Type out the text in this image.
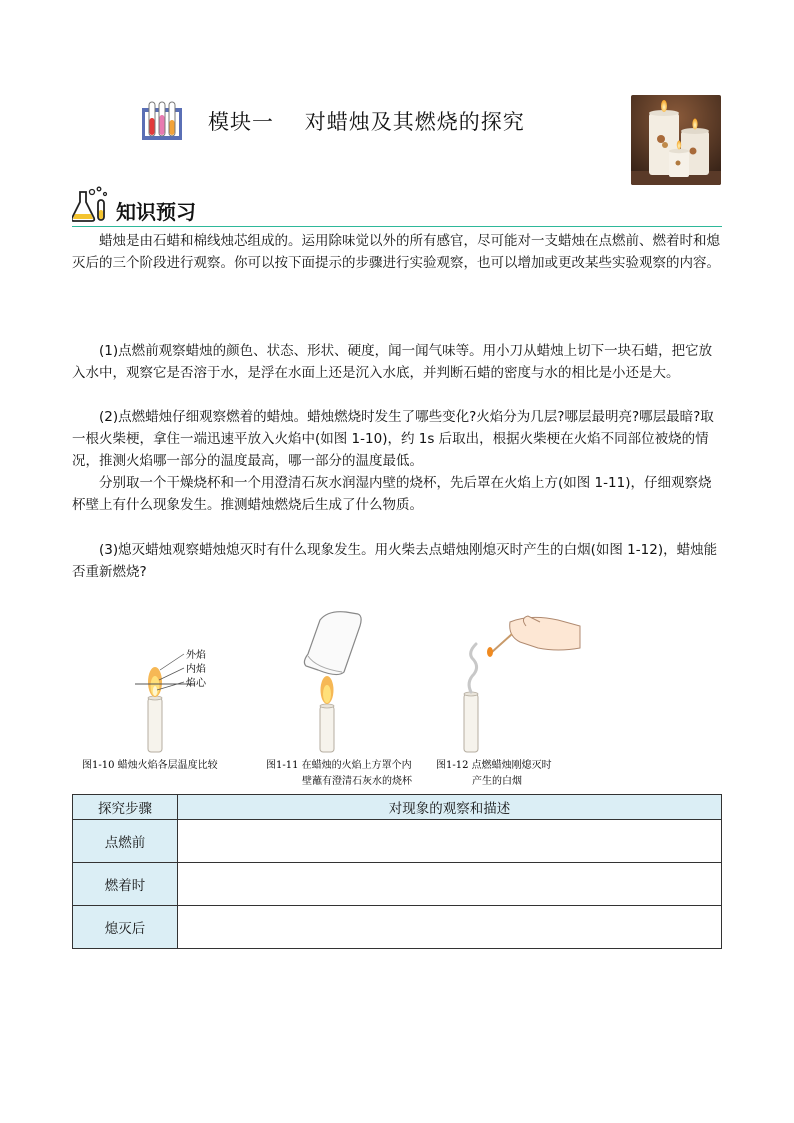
模块一    对蜡烛及其燃烧的探究
知识预习
蜡烛是由石蜡和棉线烛芯组成的。运用除味觉以外的所有感官，尽可能对一支蜡烛在点燃前、燃着时和熄灭后的三个阶段进行观察。你可以按下面提示的步骤进行实验观察，也可以增加或更改某些实验观察的内容。
(1)点燃前观察蜡烛的颜色、状态、形状、硬度，闻一闻气味等。用小刀从蜡烛上切下一块石蜡，把它放入水中，观察它是否溶于水，是浮在水面上还是沉入水底，并判断石蜡的密度与水的相比是小还是大。
(2)点燃蜡烛仔细观察燃着的蜡烛。蜡烛燃烧时发生了哪些变化?火焰分为几层?哪层最明亮?哪层最暗?取一根火柴梗，拿住一端迅速平放入火焰中(如图 1-10)，约 1s 后取出，根据火柴梗在火焰不同部位被烧的情况，推测火焰哪一部分的温度最高，哪一部分的温度最低。
分别取一个干燥烧杯和一个用澄清石灰水润湿内壁的烧杯，先后罩在火焰上方(如图 1-11)，仔细观察烧杯壁上有什么现象发生。推测蜡烛燃烧后生成了什么物质。
(3)熄灭蜡烛观察蜡烛熄灭时有什么现象发生。用火柴去点蜡烛刚熄灭时产生的白烟(如图 1-12)，蜡烛能否重新燃烧?
外焰
内焰
焰心
图1-10 蜡烛火焰各层温度比较	图1-11 在蜡烛的火焰上方罩个内
壁蘸有澄清石灰水的烧杯
图1-12 点燃蜡烛刚熄灭时
产生的白烟
探究步骤	对现象的观察和描述
点燃前	
燃着时	
熄灭后	
